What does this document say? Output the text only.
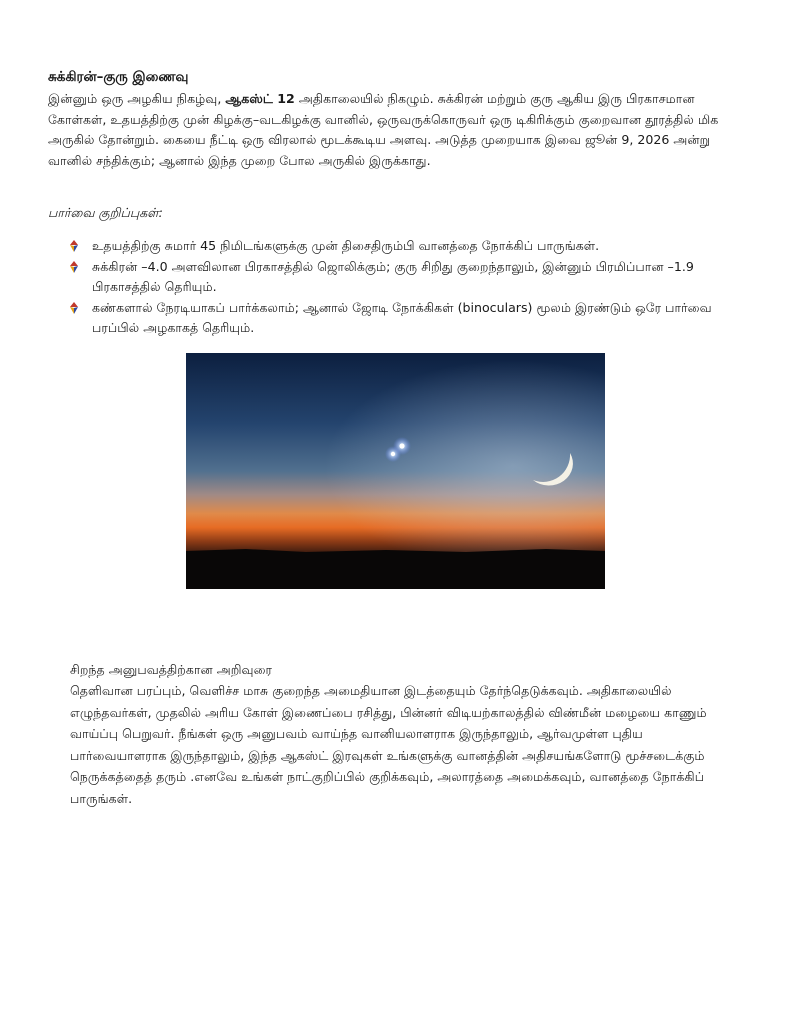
சுக்கிரன்–குரு இணைவு

இன்னும் ஒரு அழகிய நிகழ்வு, ஆகஸ்ட் 12 அதிகாலையில் நிகழும். சுக்கிரன் மற்றும் குரு ஆகிய இரு பிரகாசமான கோள்கள், உதயத்திற்கு முன் கிழக்கு–வடகிழக்கு வானில், ஒருவருக்கொருவர் ஒரு டிகிரிக்கும் குறைவான தூரத்தில் மிக அருகில் தோன்றும். கையை நீட்டி ஒரு விரலால் மூடக்கூடிய அளவு. அடுத்த முறையாக இவை ஜூன் 9, 2026 அன்று வானில் சந்திக்கும்; ஆனால் இந்த முறை போல அருகில் இருக்காது.

பார்வை குறிப்புகள்:
உதயத்திற்கு சுமார் 45 நிமிடங்களுக்கு முன் திசைதிரும்பி வானத்தை நோக்கிப் பாருங்கள்.
சுக்கிரன் –4.0 அளவிலான பிரகாசத்தில் ஜொலிக்கும்; குரு சிறிது குறைந்தாலும், இன்னும் பிரமிப்பான –1.9 பிரகாசத்தில் தெரியும்.
கண்களால் நேரடியாகப் பார்க்கலாம்; ஆனால் ஜோடி நோக்கிகள் (binoculars) மூலம் இரண்டும் ஒரே பார்வை பரப்பில் அழகாகத் தெரியும்.
சிறந்த அனுபவத்திற்கான அறிவுரை

தெளிவான பரப்பும், வெளிச்ச மாசு குறைந்த அமைதியான இடத்தையும் தேர்ந்தெடுக்கவும். அதிகாலையில் எழுந்தவர்கள், முதலில் அரிய கோள் இணைப்பை ரசித்து, பின்னர் விடியற்காலத்தில் விண்மீன் மழையை காணும் வாய்ப்பு பெறுவர். நீங்கள் ஒரு அனுபவம் வாய்ந்த வானியலாளராக இருந்தாலும், ஆர்வமுள்ள புதிய பார்வையாளராக இருந்தாலும், இந்த ஆகஸ்ட் இரவுகள் உங்களுக்கு வானத்தின் அதிசயங்களோடு மூச்சடைக்கும் நெருக்கத்தைத் தரும் .எனவே உங்கள் நாட்குறிப்பில் குறிக்கவும், அலாரத்தை அமைக்கவும், வானத்தை நோக்கிப் பாருங்கள்.
